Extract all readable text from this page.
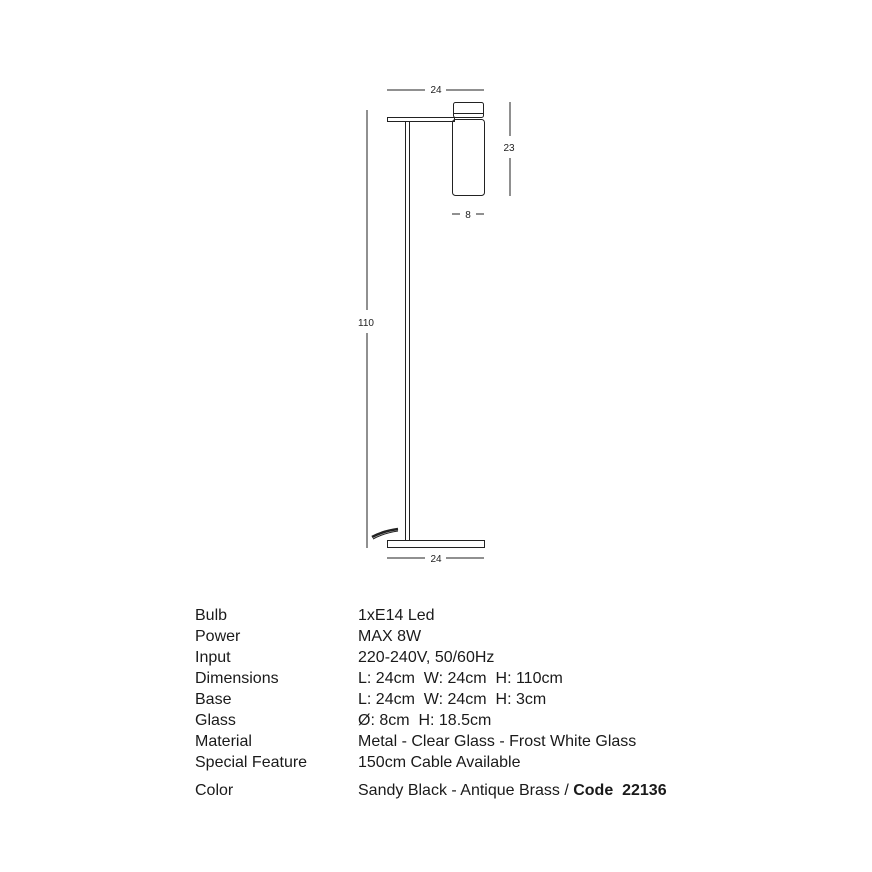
24
23
8
110
24
Bulb	1xE14 Led
Power	MAX 8W
Input	220-240V, 50/60Hz
Dimensions	L: 24cm  W: 24cm  H: 110cm
Base	L: 24cm  W: 24cm  H: 3cm
Glass	Ø: 8cm  H: 18.5cm
Material	Metal - Clear Glass - Frost White Glass
Special Feature	150cm Cable Available
Color	Sandy Black - Antique Brass / Code  22136
